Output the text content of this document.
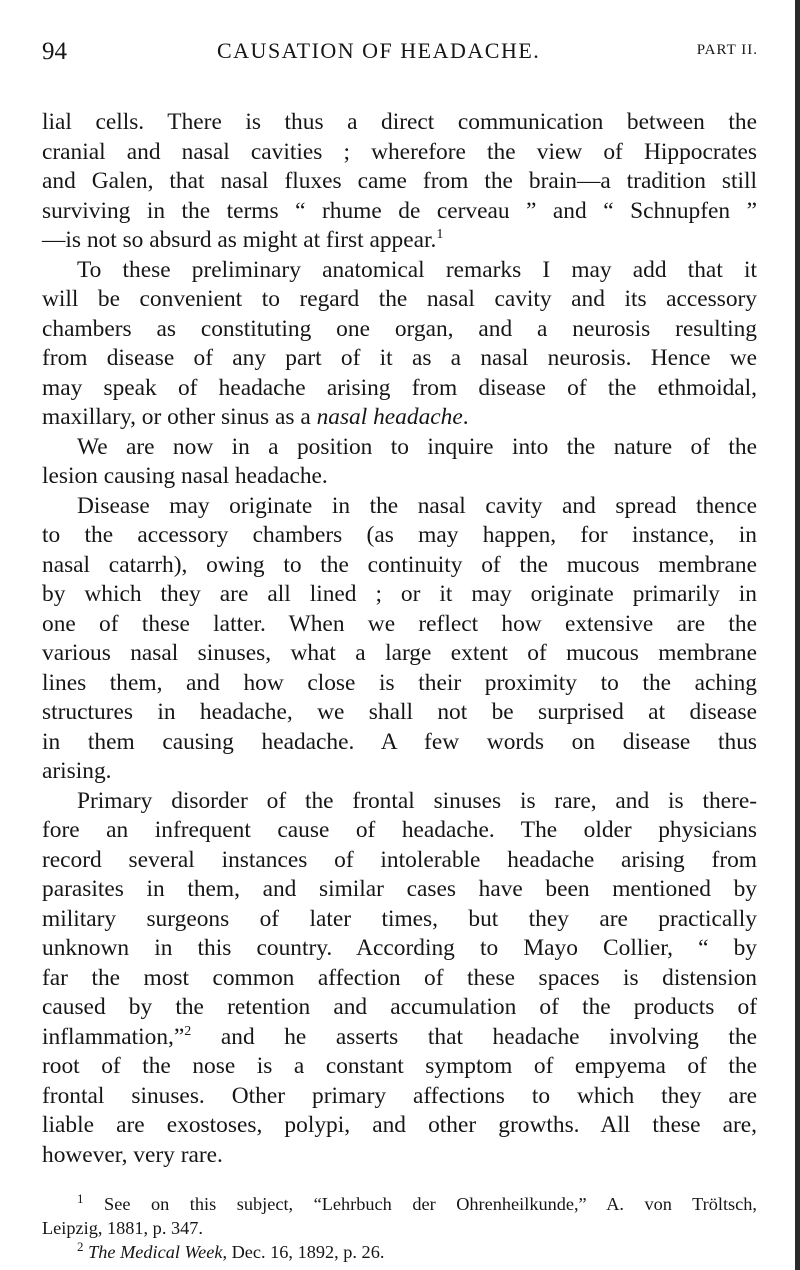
94	CAUSATION OF HEADACHE.	PART II.
lial cells. There is thus a direct communication between the
cranial and nasal cavities ; wherefore the view of Hippocrates
and Galen, that nasal fluxes came from the brain—a tradition still
surviving in the terms “ rhume de cerveau ” and “ Schnupfen ”
—is not so absurd as might at first appear.$^1$
To these preliminary anatomical remarks I may add that it
will be convenient to regard the nasal cavity and its accessory
chambers as constituting one organ, and a neurosis resulting
from disease of any part of it as a nasal neurosis. Hence we
may speak of headache arising from disease of the ethmoidal,
maxillary, or other sinus as a nasal headache.
We are now in a position to inquire into the nature of the
lesion causing nasal headache.
Disease may originate in the nasal cavity and spread thence
to the accessory chambers (as may happen, for instance, in
nasal catarrh), owing to the continuity of the mucous membrane
by which they are all lined ; or it may originate primarily in
one of these latter. When we reflect how extensive are the
various nasal sinuses, what a large extent of mucous membrane
lines them, and how close is their proximity to the aching
structures in headache, we shall not be surprised at disease
in them causing headache. A few words on disease thus
arising.
Primary disorder of the frontal sinuses is rare, and is there-
fore an infrequent cause of headache. The older physicians
record several instances of intolerable headache arising from
parasites in them, and similar cases have been mentioned by
military surgeons of later times, but they are practically
unknown in this country. According to Mayo Collier, “ by
far the most common affection of these spaces is distension
caused by the retention and accumulation of the products of
inflammation,”$^2$ and he asserts that headache involving the
root of the nose is a constant symptom of empyema of the
frontal sinuses. Other primary affections to which they are
liable are exostoses, polypi, and other growths. All these are,
however, very rare.
$^1$ See on this subject, “Lehrbuch der Ohrenheilkunde,” A. von Tröltsch,
Leipzig, 1881, p. 347.
$^2$ The Medical Week, Dec. 16, 1892, p. 26.
